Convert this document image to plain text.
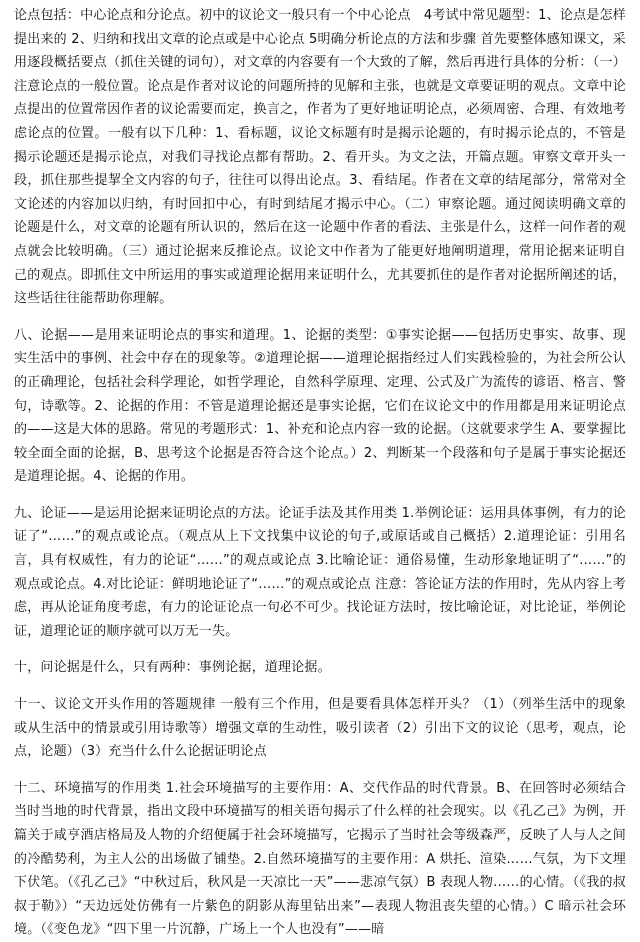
论点包括：中心论点和分论点。初中的议论文一般只有一个中心论点　4考试中常见题型：1、论点是怎样提出来的 2、归纳和找出文章的论点或是中心论点 5明确分析论点的方法和步骤 首先要整体感知课文，采用逐段概括要点（抓住关键的词句），对文章的内容要有一个大致的了解，然后再进行具体的分析：（一）注意论点的一般位置。论点是作者对议论的问题所持的见解和主张，也就是文章要证明的观点。文章中论点提出的位置常因作者的议论需要而定，换言之，作者为了更好地证明论点，必须周密、合理、有效地考虑论点的位置。一般有以下几种：1、看标题，议论文标题有时是揭示论题的，有时揭示论点的，不管是揭示论题还是揭示论点，对我们寻找论点都有帮助。2、看开头。为文之法，开篇点题。审察文章开头一段，抓住那些提挈全文内容的句子，往往可以得出论点。3、看结尾。作者在文章的结尾部分，常常对全文论述的内容加以归纳，有时回扣中心，有时到结尾才揭示中心。（二）审察论题。通过阅读明确文章的论题是什么，对文章的论题有所认识的，然后在这一论题中作者的看法、主张是什么，这样一问作者的观点就会比较明确。（三）通过论据来反推论点。议论文中作者为了能更好地阐明道理，常用论据来证明自己的观点。即抓住文中所运用的事实或道理论据用来证明什么，尤其要抓住的是作者对论据所阐述的话，这些话往往能帮助你理解。

八、论据——是用来证明论点的事实和道理。1、论据的类型：①事实论据——包括历史事实、故事、现实生活中的事例、社会中存在的现象等。②道理论据——道理论据指经过人们实践检验的，为社会所公认的正确理论，包括社会科学理论，如哲学理论，自然科学原理、定理、公式及广为流传的谚语、格言、警句，诗歌等。2、论据的作用：不管是道理论据还是事实论据，它们在议论文中的作用都是用来证明论点的——这是大体的思路。常见的考题形式：1、补充和论点内容一致的论据。（这就要求学生 A、要掌握比较全面全面的论据，B、思考这个论据是否符合这个论点。）2、判断某一个段落和句子是属于事实论据还是道理论据。4、论据的作用。

九、论证——是运用论据来证明论点的方法。论证手法及其作用类 1.举例论证：运用具体事例，有力的论证了“……”的观点或论点。（观点从上下文找集中议论的句子,或原话或自己概括）2.道理论证：引用名言，具有权威性，有力的论证“……”的观点或论点 3.比喻论证：通俗易懂，生动形象地证明了“……”的观点或论点。4.对比论证：鲜明地论证了“……”的观点或论点 注意：答论证方法的作用时，先从内容上考虑，再从论证角度考虑，有力的论证论点一句必不可少。找论证方法时，按比喻论证，对比论证，举例论证，道理论证的顺序就可以万无一失。

十，问论据是什么，只有两种：事例论据，道理论据。

十一、议论文开头作用的答题规律 一般有三个作用，但是要看具体怎样开头？（1）（列举生活中的现象或从生活中的情景或引用诗歌等）增强文章的生动性，吸引读者（2）引出下文的议论（思考，观点，论点，论题）（3）充当什么什么论据证明论点

十二、环境描写的作用类 1.社会环境描写的主要作用：A、交代作品的时代背景。B、在回答时必须结合当时当地的时代背景，指出文段中环境描写的相关语句揭示了什么样的社会现实。以《孔乙己》为例，开篇关于咸亨酒店格局及人物的介绍便属于社会环境描写，它揭示了当时社会等级森严，反映了人与人之间的冷酷势利，为主人公的出场做了铺垫。2.自然环境描写的主要作用：A 烘托、渲染……气氛，为下文埋下伏笔。（《孔乙己》“中秋过后，秋风是一天凉比一天”——悲凉气氛）B 表现人物……的心情。（《我的叔叔于勒》）“天边远处仿佛有一片紫色的阴影从海里钻出来”—表现人物沮丧失望的心情。）C 暗示社会环境。（《变色龙》“四下里一片沉静，广场上一个人也没有”——暗
